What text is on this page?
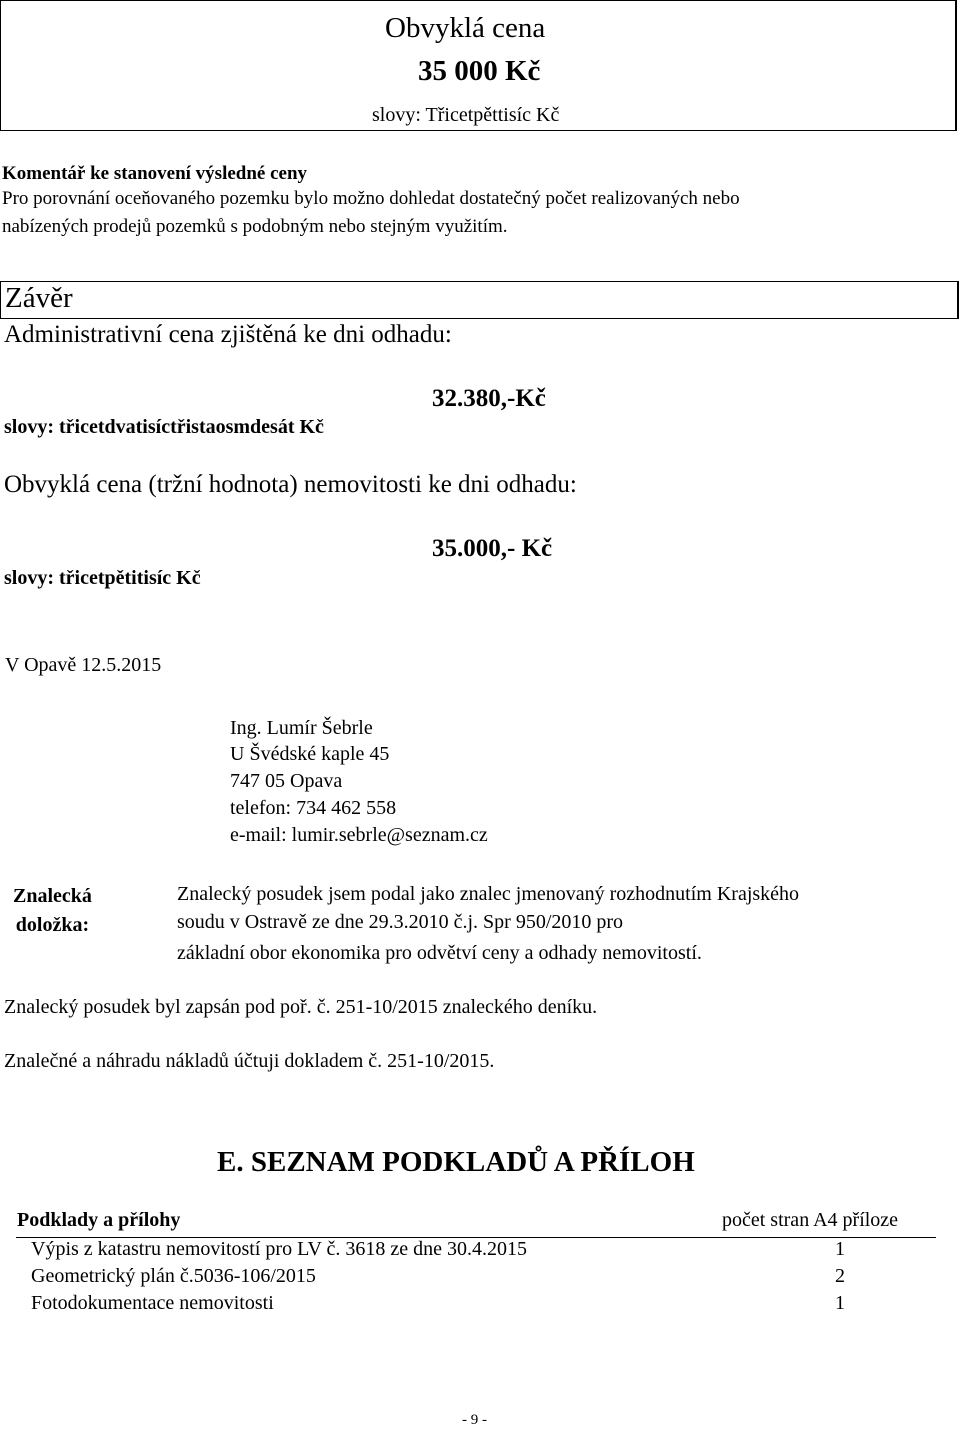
Obvyklá cena
35 000 Kč
slovy: Třicetpěttisíc Kč
Komentář ke stanovení výsledné ceny
Pro porovnání oceňovaného pozemku bylo možno dohledat dostatečný počet realizovaných nebo
nabízených prodejů pozemků s podobným nebo stejným využitím.
Závěr
Administrativní cena zjištěná ke dni odhadu:
slovy: třicetdvatisíctřistaosmdesát Kč
32.380,-Kč
Obvyklá cena (tržní hodnota) nemovitosti ke dni odhadu:
slovy: třicetpětitisíc Kč
35.000,- Kč
V Opavě 12.5.2015
Ing. Lumír Šebrle
U Švédské kaple 45
747 05 Opava
telefon: 734 462 558
e-mail: lumir.sebrle@seznam.cz
Znalecká
doložka:
Znalecký posudek jsem podal jako znalec jmenovaný rozhodnutím Krajského
soudu v Ostravě ze dne 29.3.2010 č.j. Spr 950/2010 pro
základní obor ekonomika pro odvětví ceny a odhady nemovitostí.
Znalecký posudek byl zapsán pod poř. č. 251-10/2015 znaleckého deníku.
Znalečné a náhradu nákladů účtuji dokladem č. 251-10/2015.
E. SEZNAM PODKLADŮ A PŘÍLOH
Podklady a přílohy	počet stran A4 příloze
Výpis z katastru nemovitostí pro LV č. 3618 ze dne 30.4.2015	1
Geometrický plán č.5036-106/2015	2
Fotodokumentace nemovitosti	1
- 9 -
